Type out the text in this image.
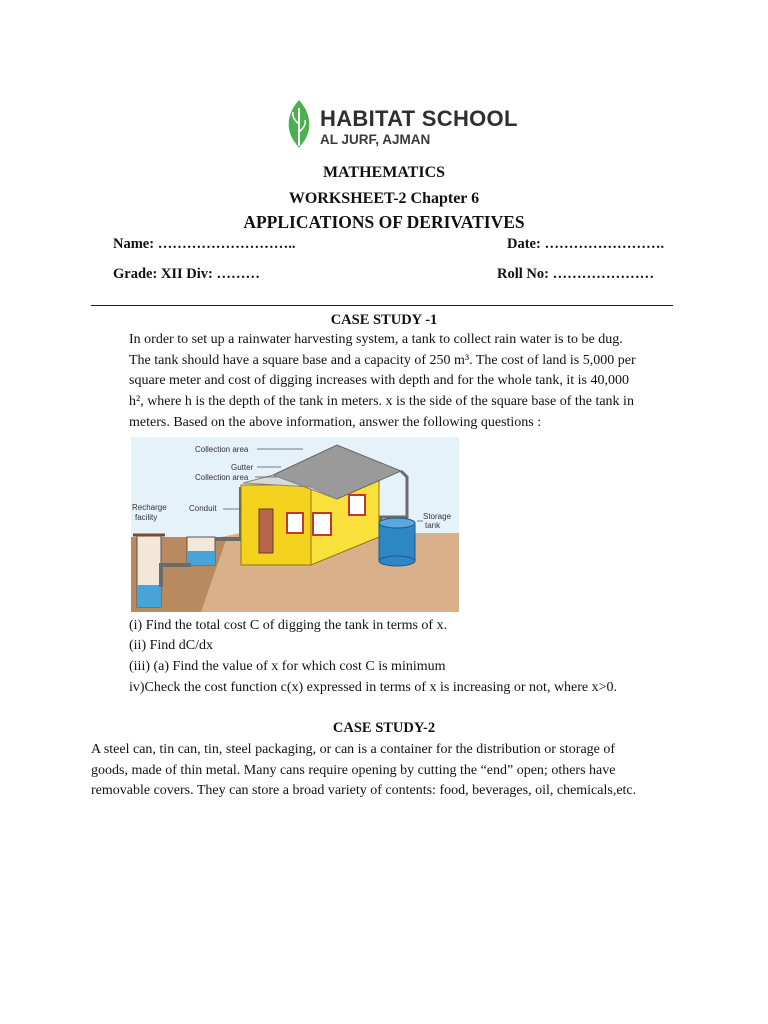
HABITAT SCHOOL
AL JURF, AJMAN
MATHEMATICS
WORKSHEET-2 Chapter 6
APPLICATIONS OF DERIVATIVES
Name: ………………………..	Date: …………………….
Grade: XII Div: ………	Roll No: …………………
CASE STUDY -1
In order to set up a rainwater harvesting system, a tank to collect rain water is to be dug.
The tank should have a square base and a capacity of 250 m³. The cost of land is 5,000 per
square meter and cost of digging increases with depth and for the whole tank, it is 40,000
h², where h is the depth of the tank in meters. x is the side of the square base of the tank in
meters. Based on the above information, answer the following questions :
Collection area
Gutter
Collection area
Recharge
facility
Conduit
Storage
tank
(i) Find the total cost C of digging the tank in terms of x.
(ii) Find dC/dx
(iii) (a) Find the value of x for which cost C is minimum
iv)Check the cost function c(x) expressed in terms of x is increasing or not, where x>0.
CASE STUDY-2
A steel can, tin can, tin, steel packaging, or can is a container for the distribution or storage of
goods, made of thin metal. Many cans require opening by cutting the “end” open; others have
removable covers. They can store a broad variety of contents: food, beverages, oil, chemicals,etc.
